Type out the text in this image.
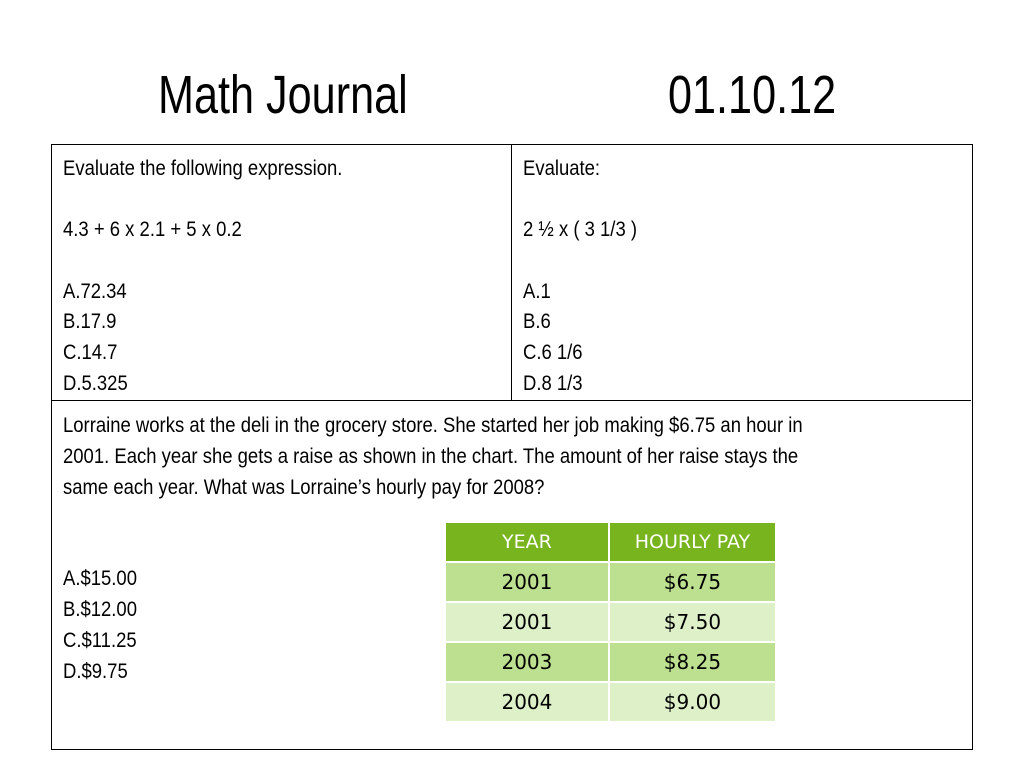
Math Journal	01.10.12
Evaluate the following expression.
4.3 + 6 x 2.1 + 5 x 0.2
A.72.34
B.17.9
C.14.7
D.5.325
Evaluate:
2 ½ x ( 3 1/3 )
A.1
B.6
C.6 1/6
D.8 1/3
Lorraine works at the deli in the grocery store. She started her job making $6.75 an hour in
2001. Each year she gets a raise as shown in the chart. The amount of her raise stays the
same each year. What was Lorraine’s hourly pay for 2008?
A.$15.00
B.$12.00
C.$11.25
D.$9.75
YEAR	HOURLY PAY
2001	$6.75
2001	$7.50
2003	$8.25
2004	$9.00
